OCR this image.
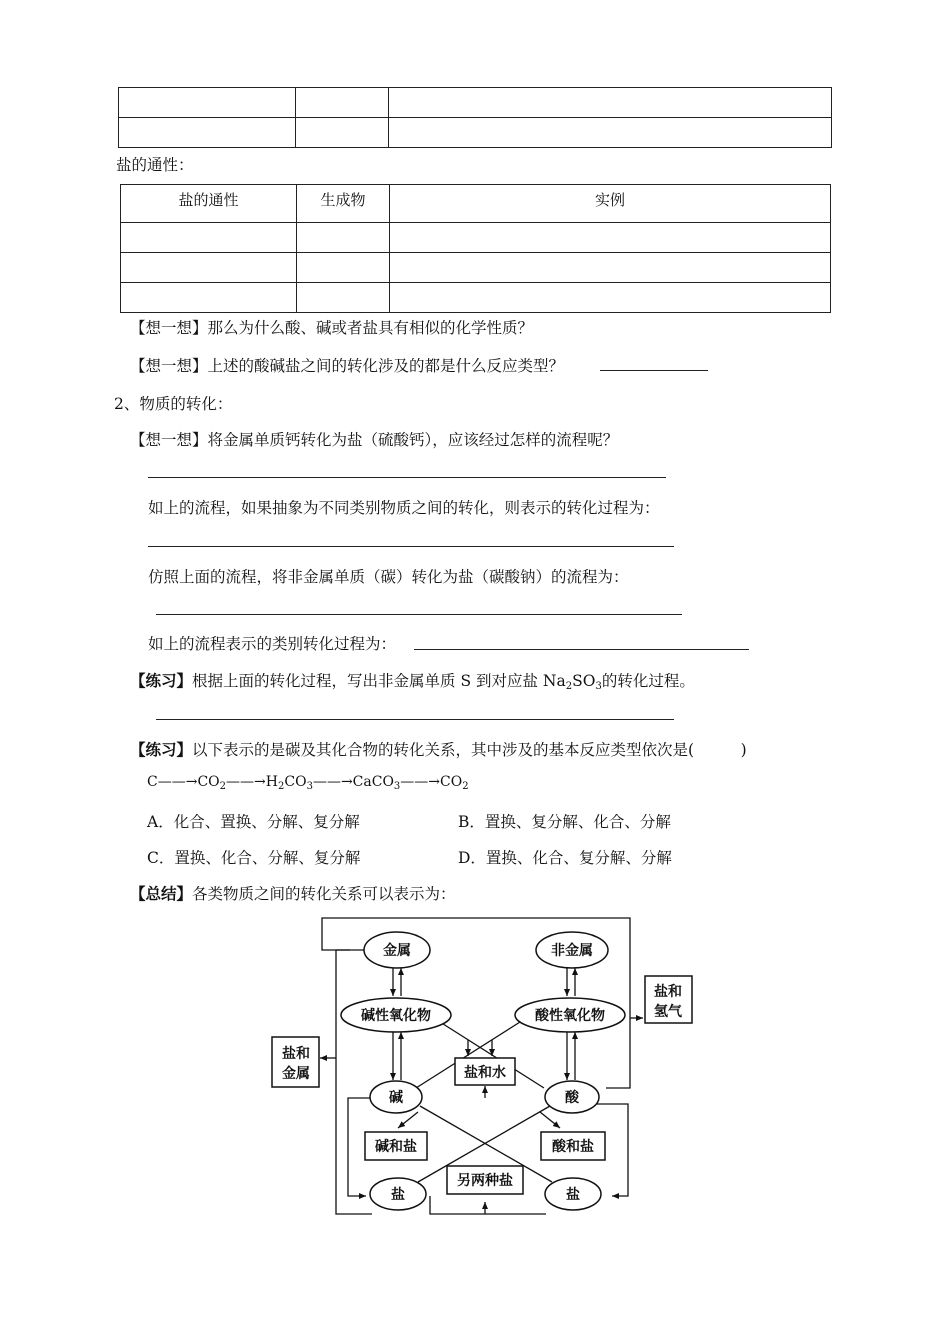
盐的通性：
盐的通性	生成物	实例

【想一想】那么为什么酸、碱或者盐具有相似的化学性质？
【想一想】上述的酸碱盐之间的转化涉及的都是什么反应类型？
2、物质的转化：
【想一想】将金属单质钙转化为盐（硫酸钙），应该经过怎样的流程呢？
如上的流程，如果抽象为不同类别物质之间的转化，则表示的转化过程为：
仿照上面的流程，将非金属单质（碳）转化为盐（碳酸钠）的流程为：
如上的流程表示的类别转化过程为：
【练习】根据上面的转化过程，写出非金属单质 S 到对应盐 $Na_2SO_3$的转化过程。
【练习】以下表示的是碳及其化合物的转化关系，其中涉及的基本反应类型依次是(　　　)
$C——\to CO_2——\to H_2CO_3——\to CaCO_3——\to CO_2$
A．化合、置换、分解、复分解	B．置换、复分解、化合、分解
C．置换、化合、分解、复分解	D．置换、化合、复分解、分解
【总结】各类物质之间的转化关系可以表示为：
金属	非金属
碱性氧化物	酸性氧化物
碱	酸
盐	盐
盐和水
碱和盐	酸和盐
另两种盐
盐和
金属
盐和
氢气
